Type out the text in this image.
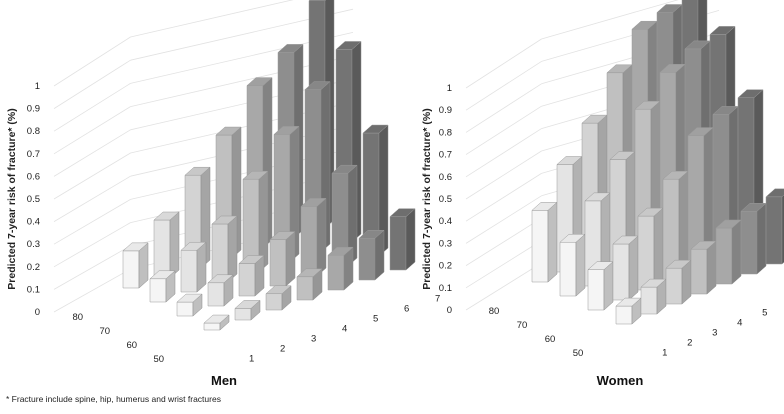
0
0.1
0.2
0.3
0.4
0.5
0.6
0.7
0.8
0.9
1
50
60
70
80
1
2
3
4
5
6
7
Predicted 7-year risk of fracture* (%)
Men
0
0.1
0.2
0.3
0.4
0.5
0.6
0.7
0.8
0.9
1
50
60
70
80
1
2
3
4
5
Predicted 7-year risk of fracture* (%)
Women
* Fracture include spine, hip, humerus and wrist fractures
